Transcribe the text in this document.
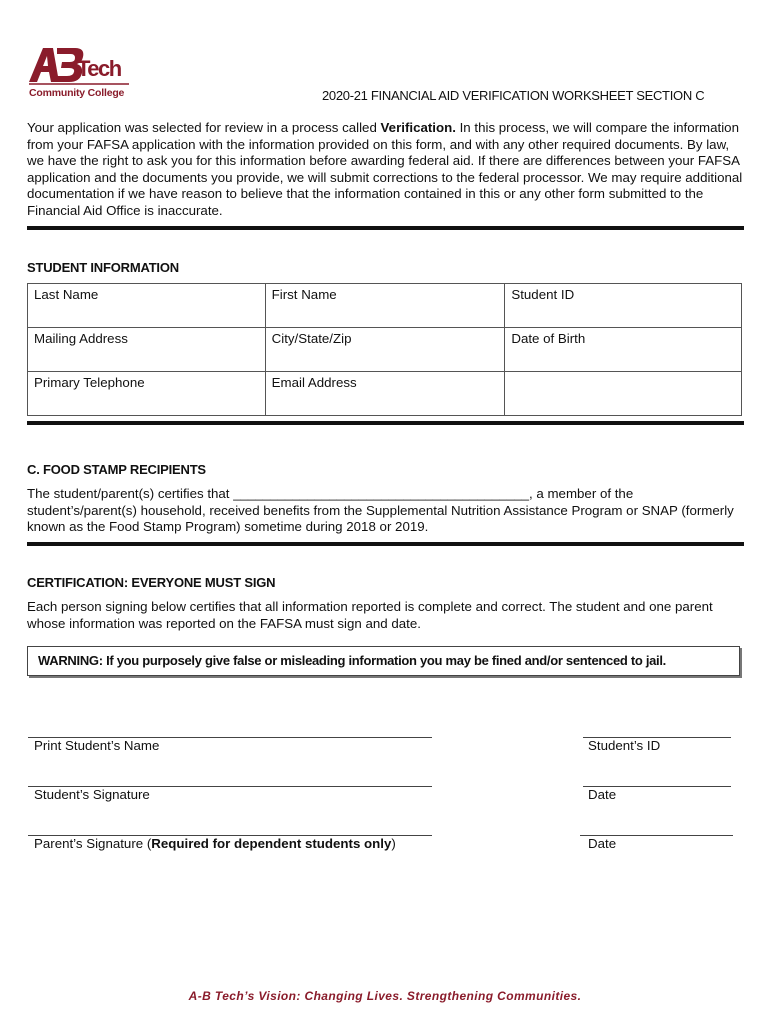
Tech
Community College	2020-21 FINANCIAL AID VERIFICATION WORKSHEET SECTION C
Your application was selected for review in a process called Verification. In this process, we will compare the information from your FAFSA application with the information provided on this form, and with any other required documents. By law, we have the right to ask you for this information before awarding federal aid. If there are differences between your FAFSA application and the documents you provide, we will submit corrections to the federal processor. We may require additional documentation if we have reason to believe that the information contained in this or any other form submitted to the Financial Aid Office is inaccurate.
STUDENT INFORMATION
Last Name	First Name	Student ID
Mailing Address	City/State/Zip	Date of Birth
Primary Telephone	Email Address	
C. FOOD STAMP RECIPIENTS
The student/parent(s) certifies that ________________________________________, a member of the student’s/parent(s) household, received benefits from the Supplemental Nutrition Assistance Program or SNAP (formerly known as the Food Stamp Program) sometime during 2018 or 2019.
CERTIFICATION: EVERYONE MUST SIGN
Each person signing below certifies that all information reported is complete and correct. The student and one parent whose information was reported on the FAFSA must sign and date.
WARNING: If you purposely give false or misleading information you may be fined and/or sentenced to jail.
Print Student’s Name	Student’s ID
Student’s Signature	Date
Parent’s Signature (Required for dependent students only)	Date
A-B Tech’s Vision: Changing Lives. Strengthening Communities.
